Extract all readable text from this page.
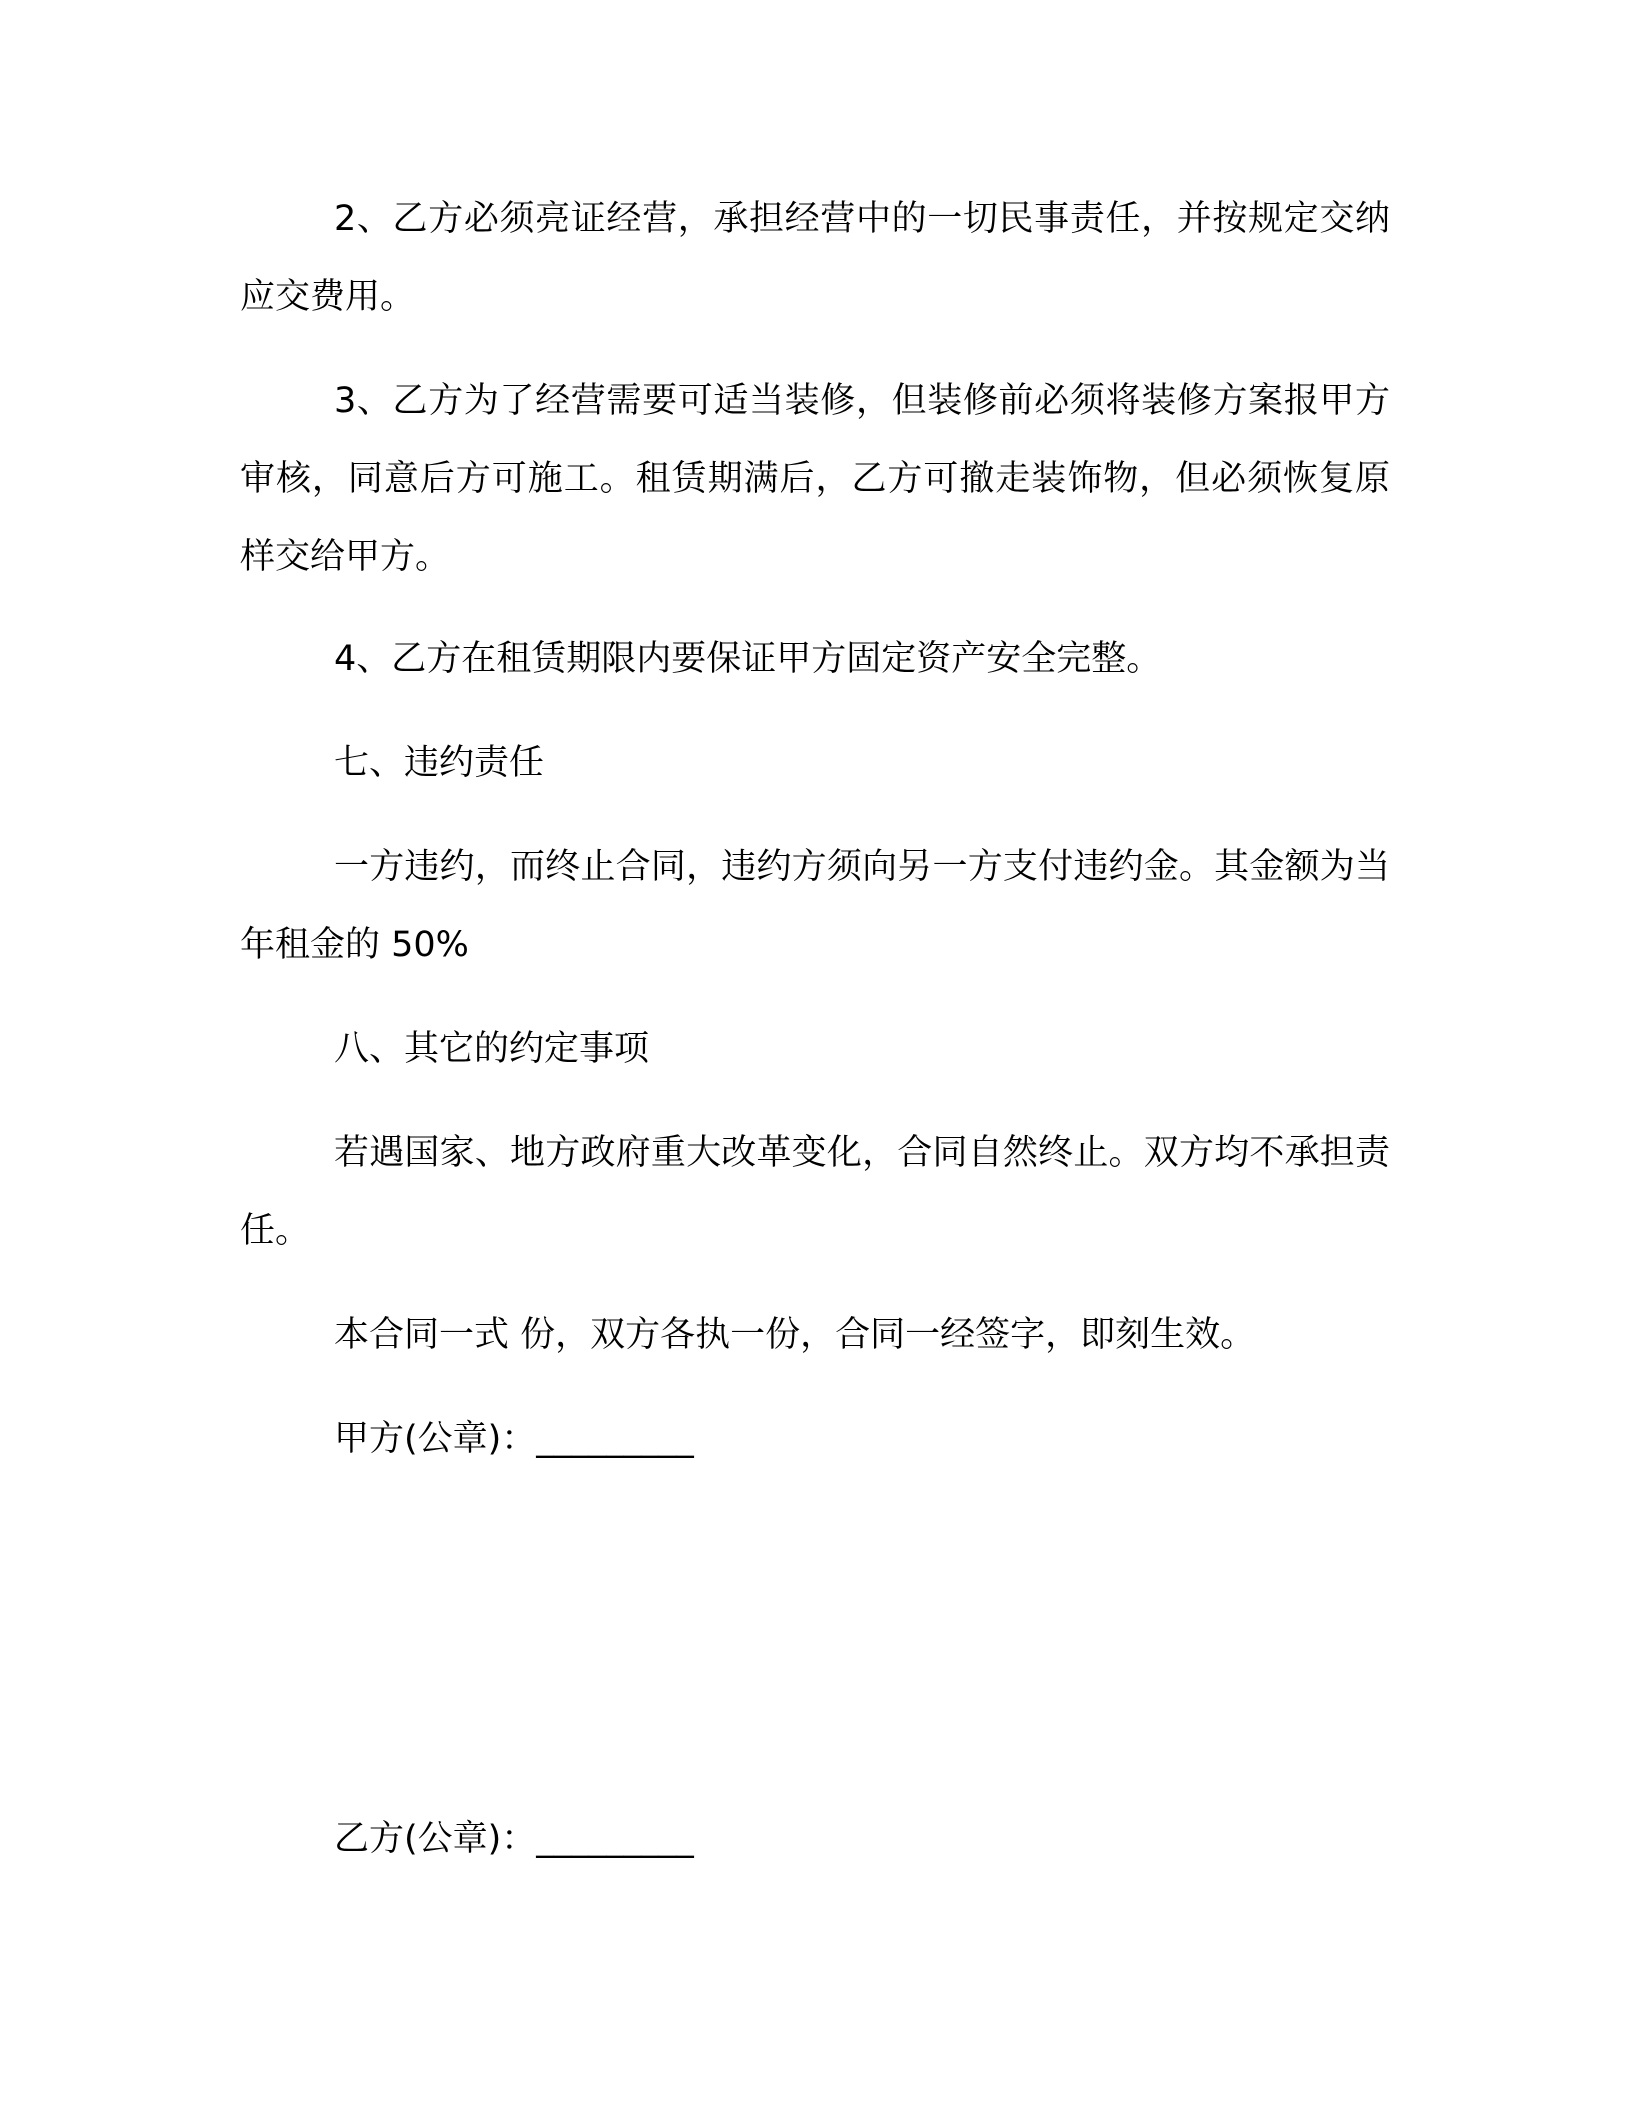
2、乙方必须亮证经营，承担经营中的一切民事责任，并按规定交纳应交费用。

3、乙方为了经营需要可适当装修，但装修前必须将装修方案报甲方审核，同意后方可施工。租赁期满后，乙方可撤走装饰物，但必须恢复原样交给甲方。

4、乙方在租赁期限内要保证甲方固定资产安全完整。

七、违约责任

一方违约，而终止合同，违约方须向另一方支付违约金。其金额为当年租金的 50%

八、其它的约定事项

若遇国家、地方政府重大改革变化，合同自然终止。双方均不承担责任。

本合同一式 份，双方各执一份，合同一经签字，即刻生效。

甲方(公章)：_________

乙方(公章)：_________
